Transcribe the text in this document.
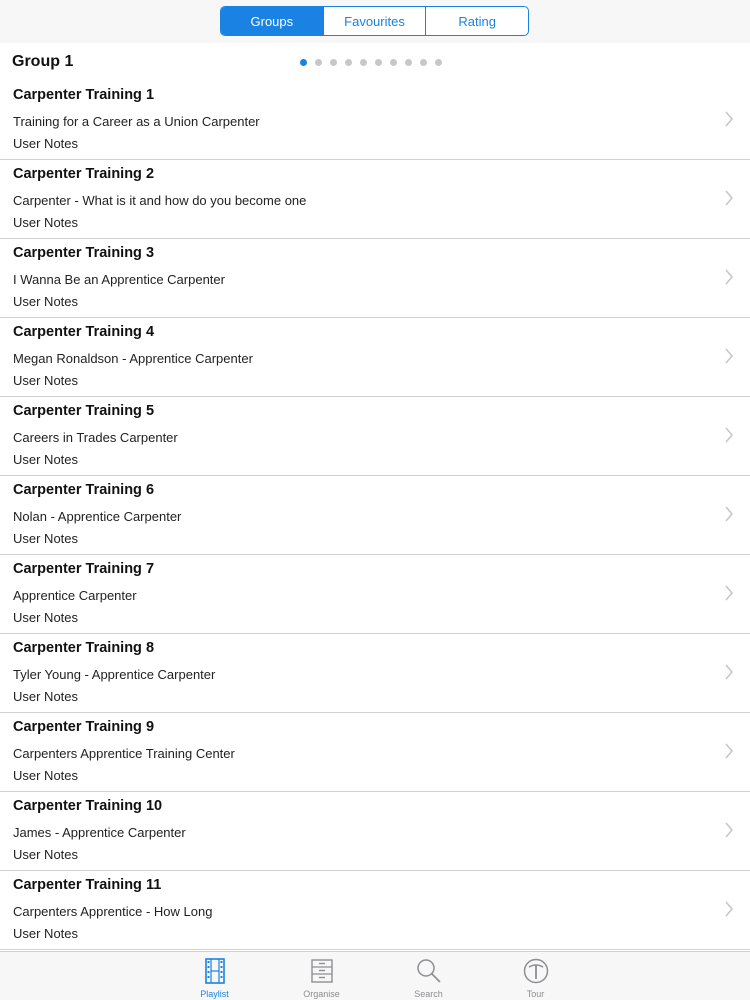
Groups	Favourites	Rating
Group 1
Carpenter Training 1
Training for a Career as a Union Carpenter
User Notes
Carpenter Training 2
Carpenter - What is it and how do you become one
User Notes
Carpenter Training 3
I Wanna Be an Apprentice Carpenter
User Notes
Carpenter Training 4
Megan Ronaldson - Apprentice Carpenter
User Notes
Carpenter Training 5
Careers in Trades Carpenter
User Notes
Carpenter Training 6
Nolan - Apprentice Carpenter
User Notes
Carpenter Training 7
Apprentice Carpenter
User Notes
Carpenter Training 8
Tyler Young - Apprentice Carpenter
User Notes
Carpenter Training 9
Carpenters Apprentice Training Center
User Notes
Carpenter Training 10
James - Apprentice Carpenter
User Notes
Carpenter Training 11
Carpenters Apprentice - How Long
User Notes
Playlist	Organise	Search	Tour
